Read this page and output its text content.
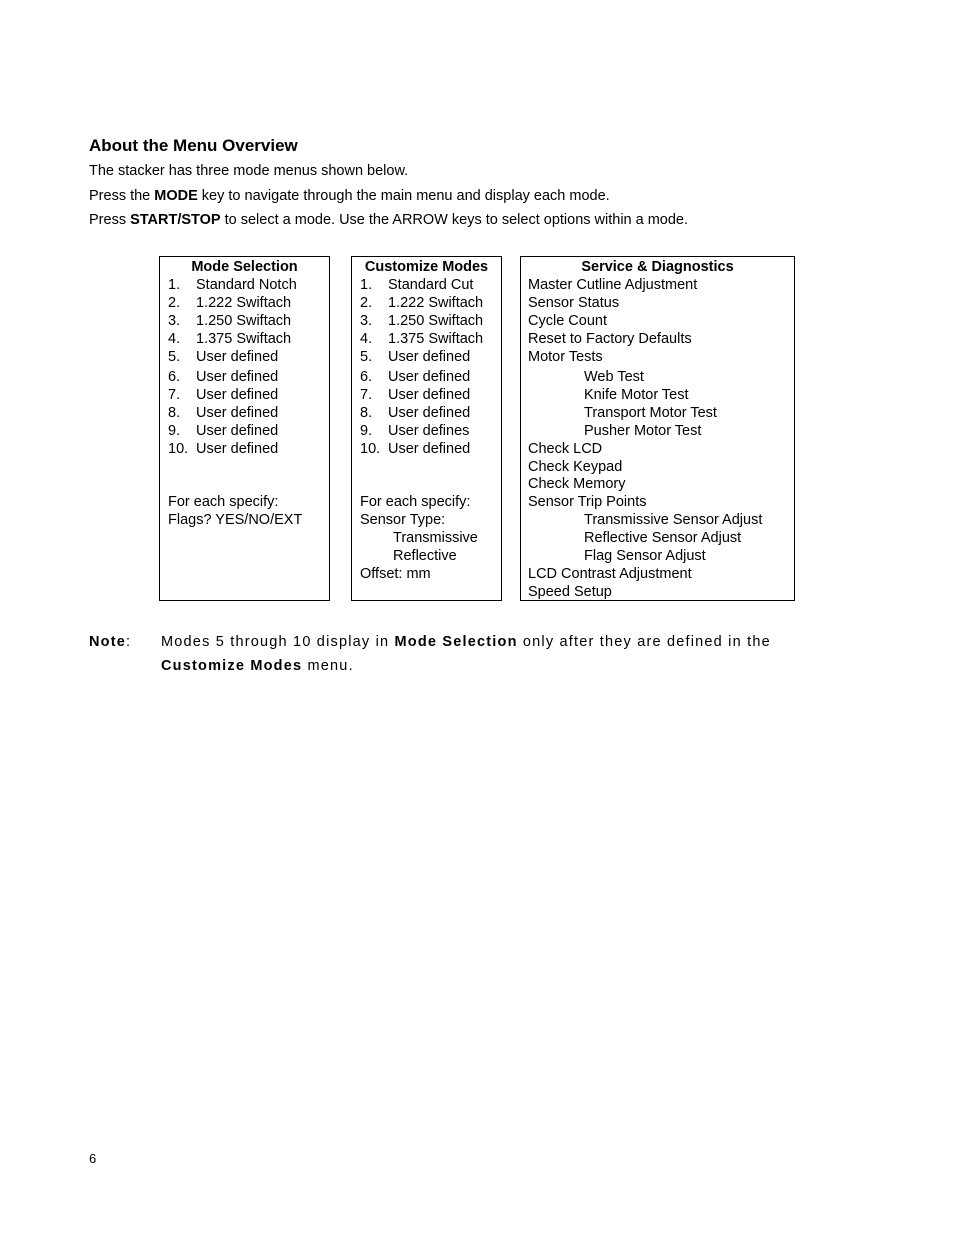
About the Menu Overview

The stacker has three mode menus shown below.

Press the MODE key to navigate through the main menu and display each mode.

Press START/STOP to select a mode. Use the ARROW keys to select options within a mode.

Mode Selection
1. Standard Notch
2. 1.222 Swiftach
3. 1.250 Swiftach
4. 1.375 Swiftach
5. User defined
6. User defined
7. User defined
8. User defined
9. User defined
10. User defined
For each specify:
Flags? YES/NO/EXT
Customize Modes
1. Standard Cut
2. 1.222 Swiftach
3. 1.250 Swiftach
4. 1.375 Swiftach
5. User defined
6. User defined
7. User defined
8. User defined
9. User defines
10. User defined
For each specify:
Sensor Type:
Transmissive
Reflective
Offset: mm
Service & Diagnostics
Master Cutline Adjustment
Sensor Status
Cycle Count
Reset to Factory Defaults
Motor Tests
Web Test
Knife Motor Test
Transport Motor Test
Pusher Motor Test
Check LCD
Check Keypad
Check Memory
Sensor Trip Points
Transmissive Sensor Adjust
Reflective Sensor Adjust
Flag Sensor Adjust
LCD Contrast Adjustment
Speed Setup
Note: Modes 5 through 10 display in Mode Selection only after they are defined in the
Customize Modes menu.
6
